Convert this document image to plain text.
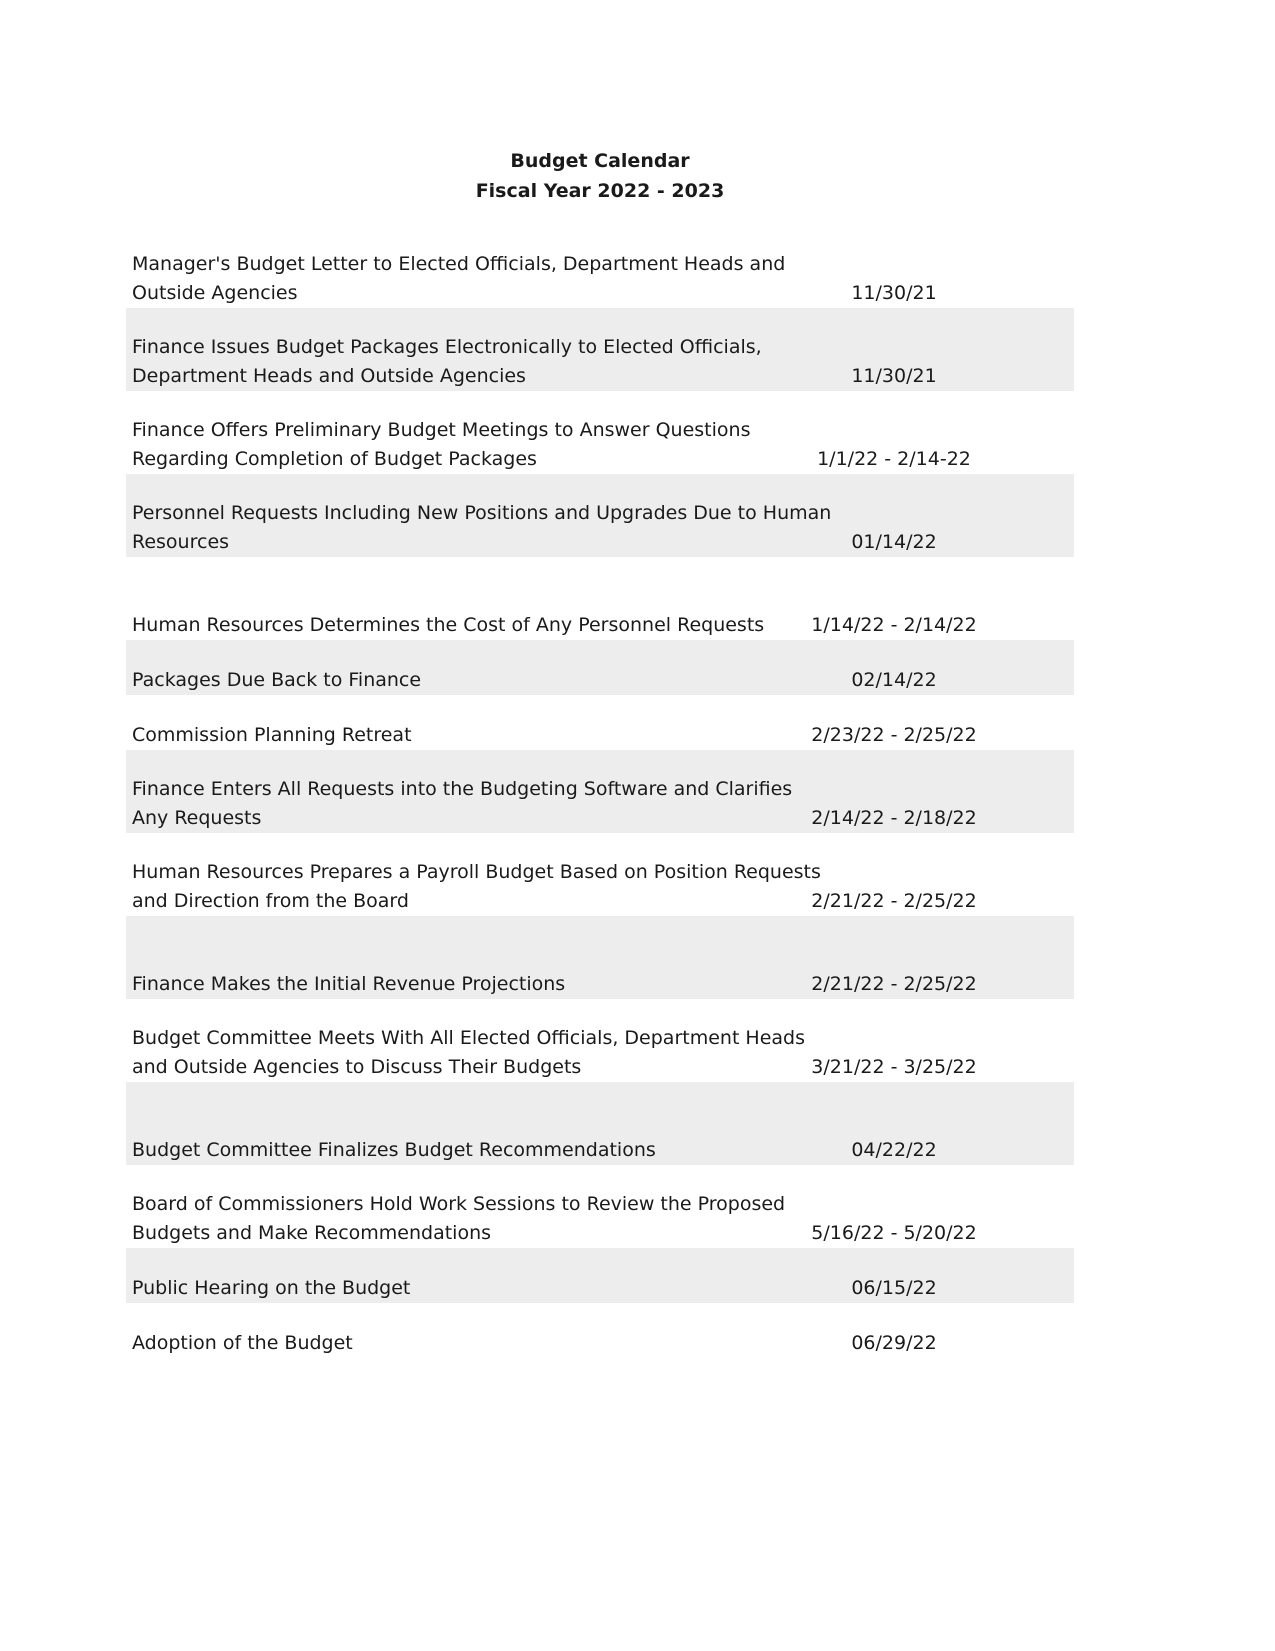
Budget Calendar
Fiscal Year 2022 - 2023
Manager's Budget Letter to Elected Officials, Department Heads and Outside Agencies	11/30/21
Finance Issues Budget Packages Electronically to Elected Officials, Department Heads and Outside Agencies	11/30/21
Finance Offers Preliminary Budget Meetings to Answer Questions Regarding Completion of Budget Packages	1/1/22 - 2/14-22
Personnel Requests Including New Positions and Upgrades Due to Human Resources	01/14/22
Human Resources Determines the Cost of Any Personnel Requests	1/14/22 - 2/14/22
Packages Due Back to Finance	02/14/22
Commission Planning Retreat	2/23/22 - 2/25/22
Finance Enters All Requests into the Budgeting Software and Clarifies Any Requests	2/14/22 - 2/18/22
Human Resources Prepares a Payroll Budget Based on Position Requests and Direction from the Board	2/21/22 - 2/25/22
Finance Makes the Initial Revenue Projections	2/21/22 - 2/25/22
Budget Committee Meets With All Elected Officials, Department Heads and Outside Agencies to Discuss Their Budgets	3/21/22 - 3/25/22
Budget Committee Finalizes Budget Recommendations	04/22/22
Board of Commissioners Hold Work Sessions to Review the Proposed Budgets and Make Recommendations	5/16/22 - 5/20/22
Public Hearing on the Budget	06/15/22
Adoption of the Budget	06/29/22
